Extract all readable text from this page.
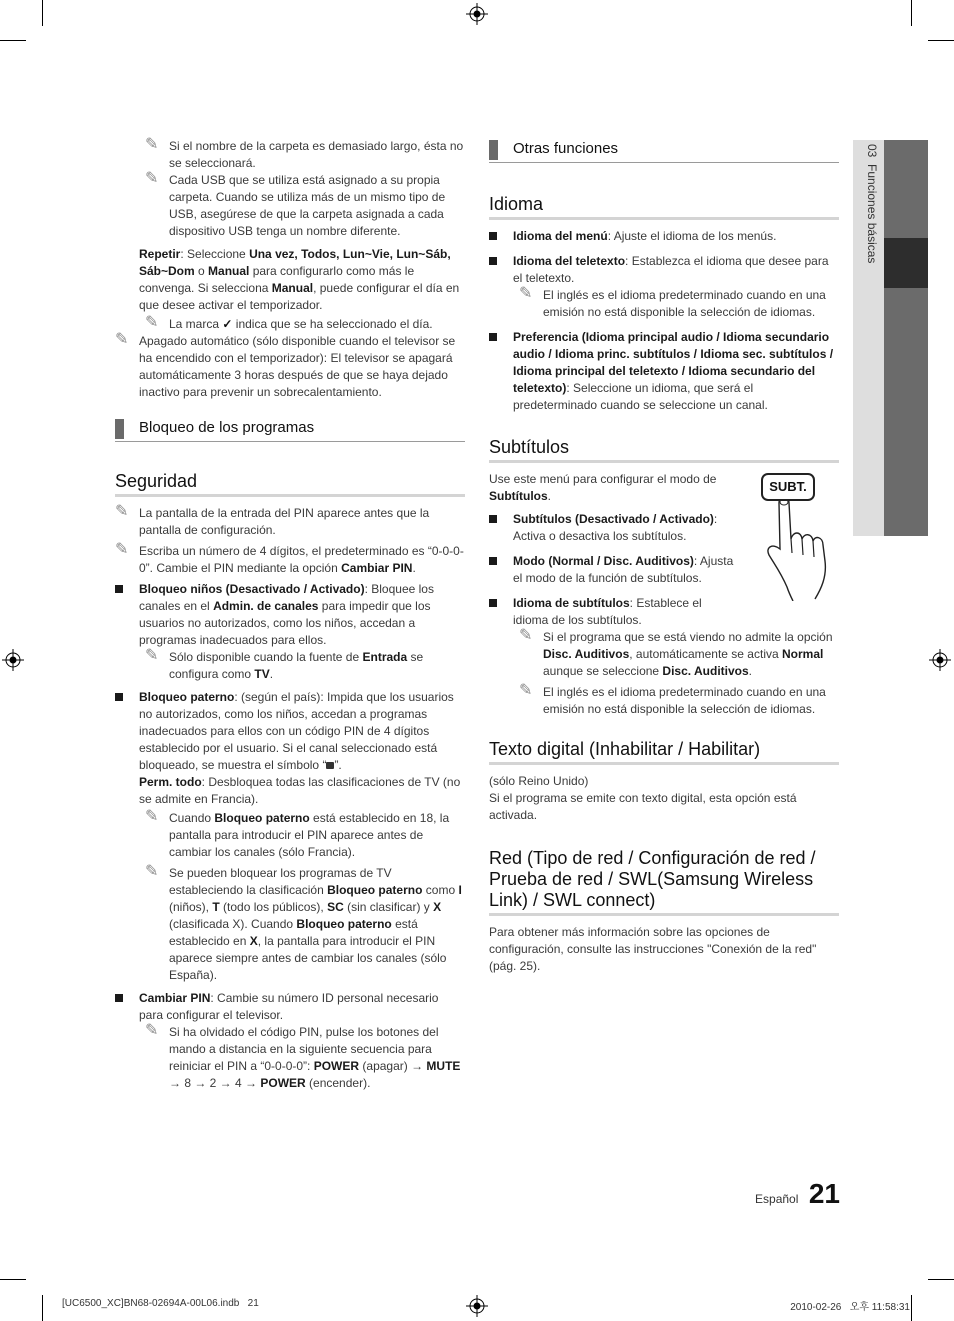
03  Funciones básicas

✎ Si el nombre de la carpeta es demasiado largo, ésta no se seleccionará.

✎ Cada USB que se utiliza está asignado a su propia carpeta. Cuando se utiliza más de un mismo tipo de USB, asegúrese de que la carpeta asignada a cada dispositivo USB tenga un nombre diferente.

Repetir: Seleccione Una vez, Todos, Lun~Vie, Lun~Sáb, Sáb~Dom o Manual para configurarlo como más le convenga. Si selecciona Manual, puede configurar el día en que desee activar el temporizador.

✎ La marca ✓ indica que se ha seleccionado el día.

✎ Apagado automático (sólo disponible cuando el televisor se ha encendido con el temporizador): El televisor se apagará automáticamente 3 horas después de que se haya dejado inactivo para prevenir un sobrecalentamiento.

Bloqueo de los programas
Seguridad

✎ La pantalla de la entrada del PIN aparece antes que la pantalla de configuración.

✎ Escriba un número de 4 dígitos, el predeterminado es “0-0-0-0”. Cambie el PIN mediante la opción Cambiar PIN.

Bloqueo niños (Desactivado / Activado): Bloquee los canales en el Admin. de canales para impedir que los usuarios no autorizados, como los niños, accedan a programas inadecuados para ellos.

✎ Sólo disponible cuando la fuente de Entrada se configura como TV.

Bloqueo paterno: (según el país): Impida que los usuarios no autorizados, como los niños, accedan a programas inadecuados para ellos con un código PIN de 4 dígitos establecido por el usuario. Si el canal seleccionado está bloqueado, se muestra el símbolo “ ”.

Perm. todo: Desbloquea todas las clasificaciones de TV (no se admite en Francia).

✎ Cuando Bloqueo paterno está establecido en 18, la pantalla para introducir el PIN aparece antes de cambiar los canales (sólo Francia).

✎ Se pueden bloquear los programas de TV estableciendo la clasificación Bloqueo paterno como I (niños), T (todo los públicos), SC (sin clasificar) y X (clasificada X). Cuando Bloqueo paterno está establecido en X, la pantalla para introducir el PIN aparece siempre antes de cambiar los canales (sólo España).

Cambiar PIN: Cambie su número ID personal necesario para configurar el televisor.

✎ Si ha olvidado el código PIN, pulse los botones del mando a distancia en la siguiente secuencia para reiniciar el PIN a “0-0-0-0”: POWER (apagar) → MUTE → 8 → 2 → 4 → POWER (encender).

Otras funciones
Idioma

Idioma del menú: Ajuste el idioma de los menús.

Idioma del teletexto: Establezca el idioma que desee para el teletexto.

✎ El inglés es el idioma predeterminado cuando en una emisión no está disponible la selección de idiomas.

Preferencia (Idioma principal audio / Idioma secundario audio / Idioma princ. subtítulos / Idioma sec. subtítulos / Idioma principal del teletexto / Idioma secundario del teletexto): Seleccione un idioma, que será el predeterminado cuando se seleccione un canal.

Subtítulos

Use este menú para configurar el modo de Subtítulos.

Subtítulos (Desactivado / Activado): Activa o desactiva los subtítulos.

Modo (Normal / Disc. Auditivos): Ajusta el modo de la función de subtítulos.

Idioma de subtítulos: Establece el idioma de los subtítulos.

✎ Si el programa que se está viendo no admite la opción Disc. Auditivos, automáticamente se activa Normal aunque se seleccione Disc. Auditivos.

✎ El inglés es el idioma predeterminado cuando en una emisión no está disponible la selección de idiomas.

SUBT.
Texto digital (Inhabilitar / Habilitar)

(sólo Reino Unido)

Si el programa se emite con texto digital, esta opción está activada.

Red (Tipo de red / Configuración de red / Prueba de red / SWL(Samsung Wireless Link) / SWL connect)

Para obtener más información sobre las opciones de configuración, consulte las instrucciones "Conexión de la red" (pág. 25).

Español 21
[UC6500_XC]BN68-02694A-00L06.indb   21	2010-02-26   오후 11:58:31
